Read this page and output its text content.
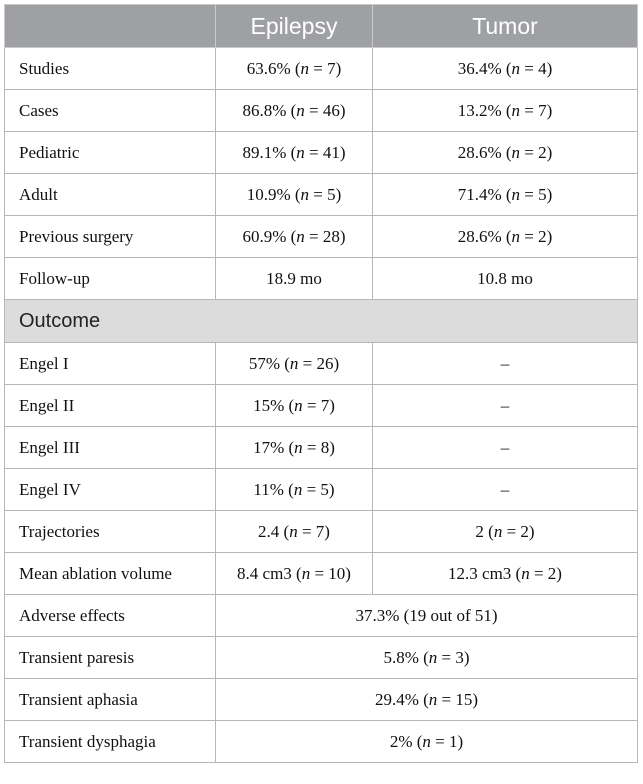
	Epilepsy	Tumor
Studies	63.6% (n = 7)	36.4% (n = 4)
Cases	86.8% (n = 46)	13.2% (n = 7)
Pediatric	89.1% (n = 41)	28.6% (n = 2)
Adult	10.9% (n = 5)	71.4% (n = 5)
Previous surgery	60.9% (n = 28)	28.6% (n = 2)
Follow-up	18.9 mo	10.8 mo
Outcome		
Engel I	57% (n = 26)	–
Engel II	15% (n = 7)	–
Engel III	17% (n = 8)	–
Engel IV	11% (n = 5)	–
Trajectories	2.4 (n = 7)	2 (n = 2)
Mean ablation volume	8.4 cm3 (n = 10)	12.3 cm3 (n = 2)
Adverse effects	37.3% (19 out of 51)	
Transient paresis	5.8% (n = 3)	
Transient aphasia	29.4% (n = 15)	
Transient dysphagia	2% (n = 1)	
